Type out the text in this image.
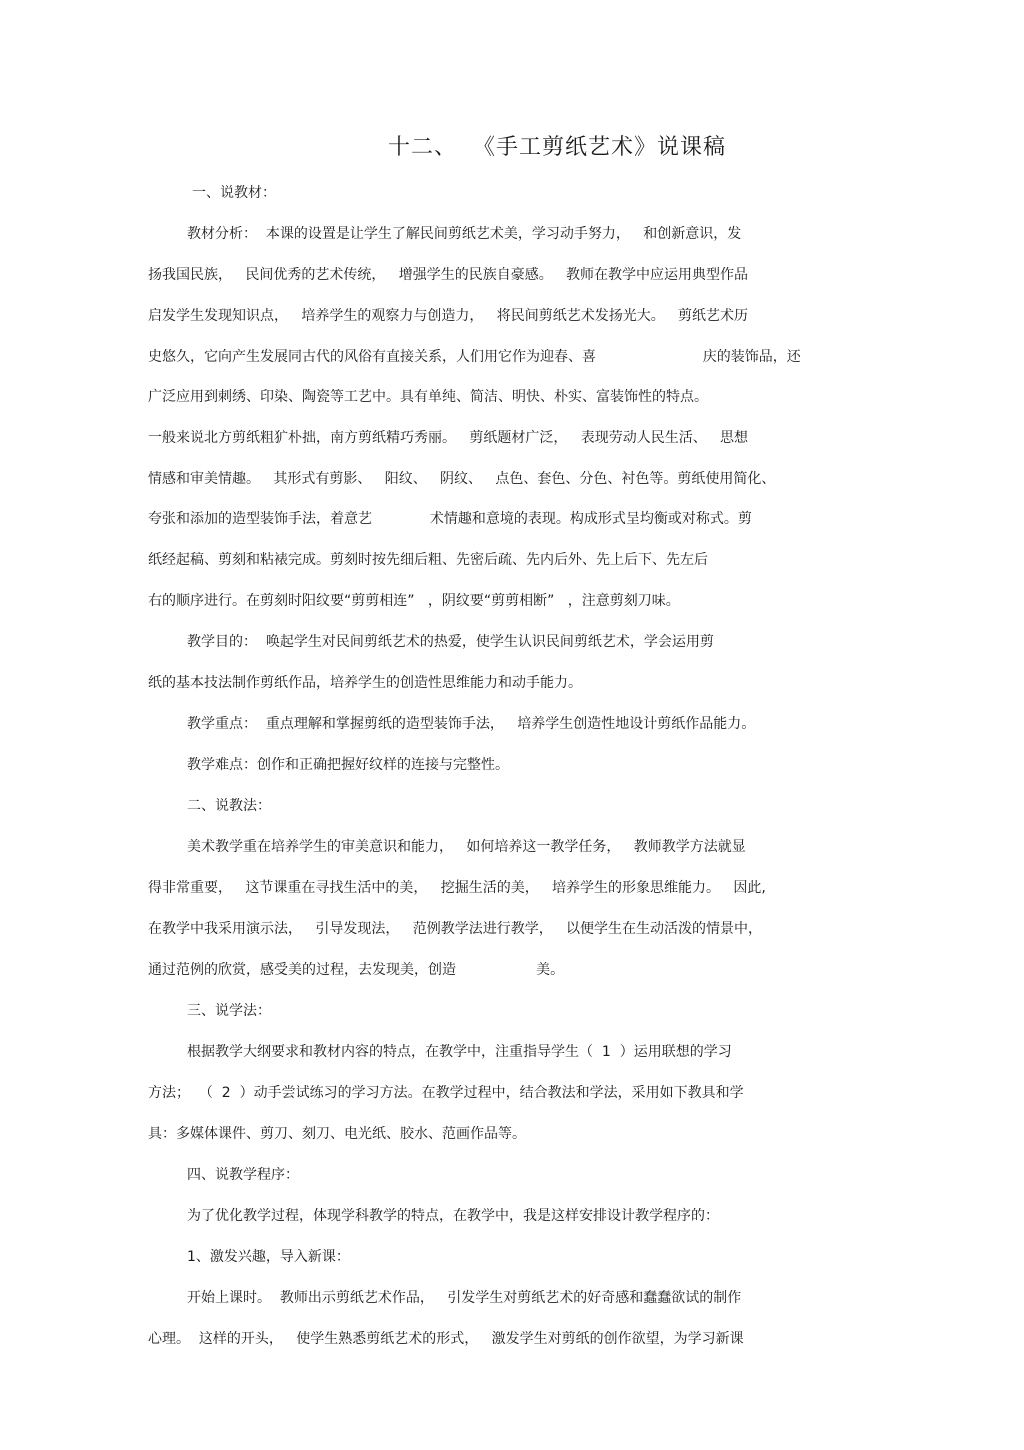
十二、  《手工剪纸艺术》说课稿
一、说教材：
教材分析：  本课的设置是让学生了解民间剪纸艺术美，学习动手努力，   和创新意识，发
扬我国民族，   民间优秀的艺术传统，   增强学生的民族自豪感。   教师在教学中应运用典型作品
启发学生发现知识点，   培养学生的观察力与创造力，   将民间剪纸艺术发扬光大。   剪纸艺术历
史悠久，它向产生发展同古代的风俗有直接关系，人们用它作为迎春、喜                        庆的装饰品，还
广泛应用到刺绣、印染、陶瓷等工艺中。具有单纯、简洁、明快、朴实、富装饰性的特点。
一般来说北方剪纸粗犷朴拙，南方剪纸精巧秀丽。   剪纸题材广泛，   表现劳动人民生活、   思想
情感和审美情趣。   其形式有剪影、   阳纹、   阴纹、   点色、套色、分色、衬色等。剪纸使用简化、
夸张和添加的造型装饰手法，着意艺             术情趣和意境的表现。构成形式呈均衡或对称式。剪
纸经起稿、剪刻和粘裱完成。剪刻时按先细后粗、先密后疏、先内后外、先上后下、先左后
右的顺序进行。在剪刻时阳纹要“剪剪相连”   ，阴纹要“剪剪相断”   ，注意剪刻刀味。
教学目的：  唤起学生对民间剪纸艺术的热爱，使学生认识民间剪纸艺术，学会运用剪
纸的基本技法制作剪纸作品，培养学生的创造性思维能力和动手能力。
教学重点：  重点理解和掌握剪纸的造型装饰手法，   培养学生创造性地设计剪纸作品能力。
教学难点：创作和正确把握好纹样的连接与完整性。
二、说教法：
美术教学重在培养学生的审美意识和能力，   如何培养这一教学任务，   教师教学方法就显
得非常重要，   这节课重在寻找生活中的美，   挖掘生活的美，   培养学生的形象思维能力。   因此,
在教学中我采用演示法，   引导发现法，   范例教学法进行教学，   以便学生在生动活泼的情景中，
通过范例的欣赏，感受美的过程，去发现美，创造                  美。
三、说学法：
根据教学大纲要求和教材内容的特点，在教学中，注重指导学生（  1  ）运用联想的学习
方法；  （  2  ）动手尝试练习的学习方法。在教学过程中，结合教法和学法，采用如下教具和学
具：多媒体课件、剪刀、刻刀、电光纸、胶水、范画作品等。
四、说教学程序：
为了优化教学过程，体现学科教学的特点，在教学中，我是这样安排设计教学程序的：
1、激发兴趣，导入新课：
开始上课时。  教师出示剪纸艺术作品，   引发学生对剪纸艺术的好奇感和蠢蠢欲试的制作
心理。  这样的开头，   使学生熟悉剪纸艺术的形式，   激发学生对剪纸的创作欲望，为学习新课
